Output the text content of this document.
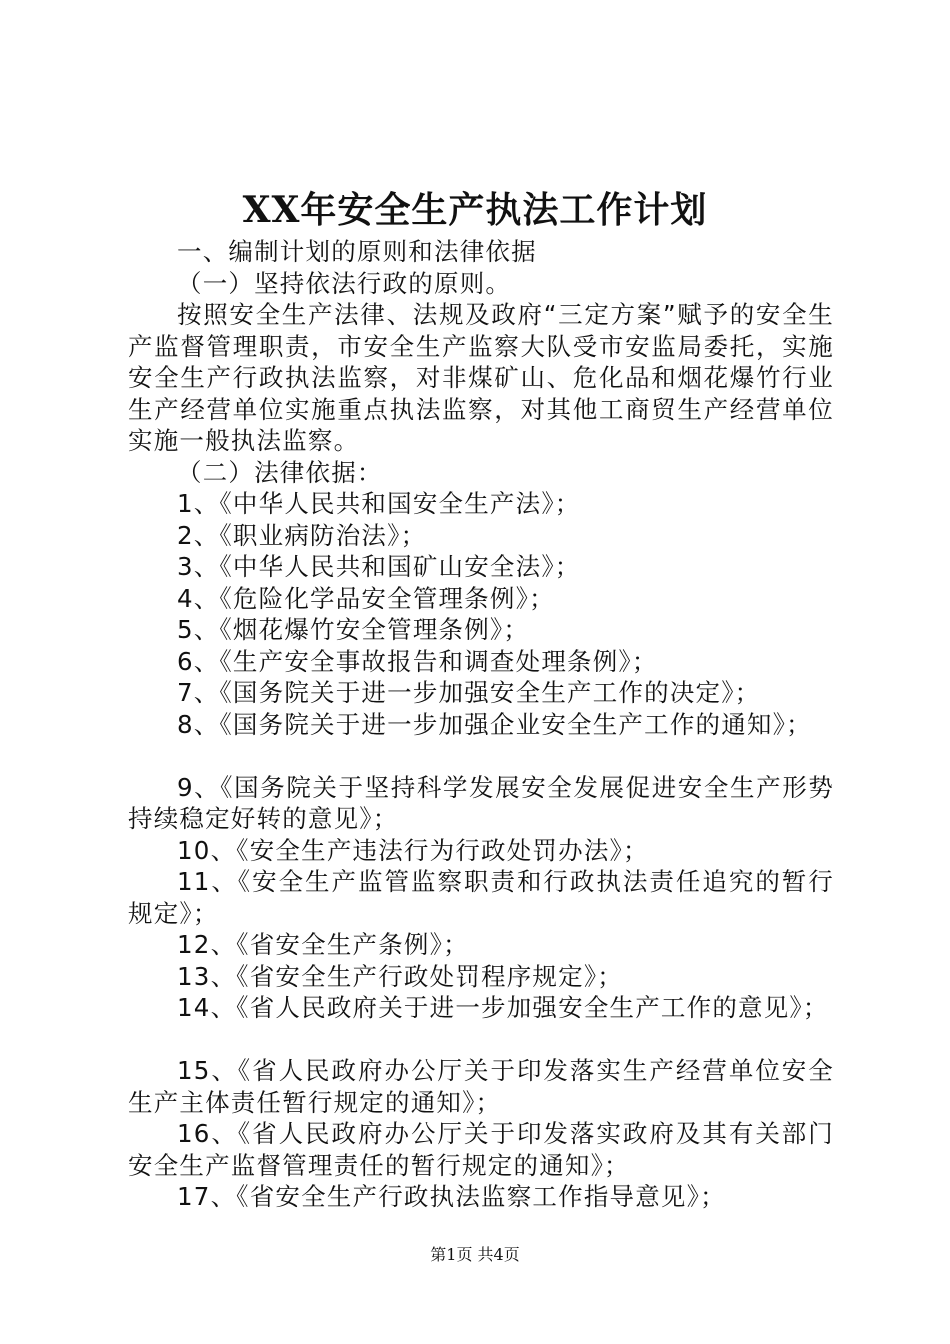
XX年安全生产执法工作计划

一、编制计划的原则和法律依据

（一）坚持依法行政的原则。

按照安全生产法律、法规及政府“三定方案”赋予的安全生产监督管理职责，市安全生产监察大队受市安监局委托，实施安全生产行政执法监察，对非煤矿山、危化品和烟花爆竹行业生产经营单位实施重点执法监察，对其他工商贸生产经营单位实施一般执法监察。

（二）法律依据：

1、《中华人民共和国安全生产法》；

2、《职业病防治法》；

3、《中华人民共和国矿山安全法》；

4、《危险化学品安全管理条例》；

5、《烟花爆竹安全管理条例》；

6、《生产安全事故报告和调查处理条例》；

7、《国务院关于进一步加强安全生产工作的决定》；

8、《国务院关于进一步加强企业安全生产工作的通知》；

9、《国务院关于坚持科学发展安全发展促进安全生产形势持续稳定好转的意见》；

10、《安全生产违法行为行政处罚办法》；

11、《安全生产监管监察职责和行政执法责任追究的暂行规定》；

12、《省安全生产条例》；

13、《省安全生产行政处罚程序规定》；

14、《省人民政府关于进一步加强安全生产工作的意见》；

15、《省人民政府办公厅关于印发落实生产经营单位安全生产主体责任暂行规定的通知》；

16、《省人民政府办公厅关于印发落实政府及其有关部门安全生产监督管理责任的暂行规定的通知》；

17、《省安全生产行政执法监察工作指导意见》；

第1页 共4页
